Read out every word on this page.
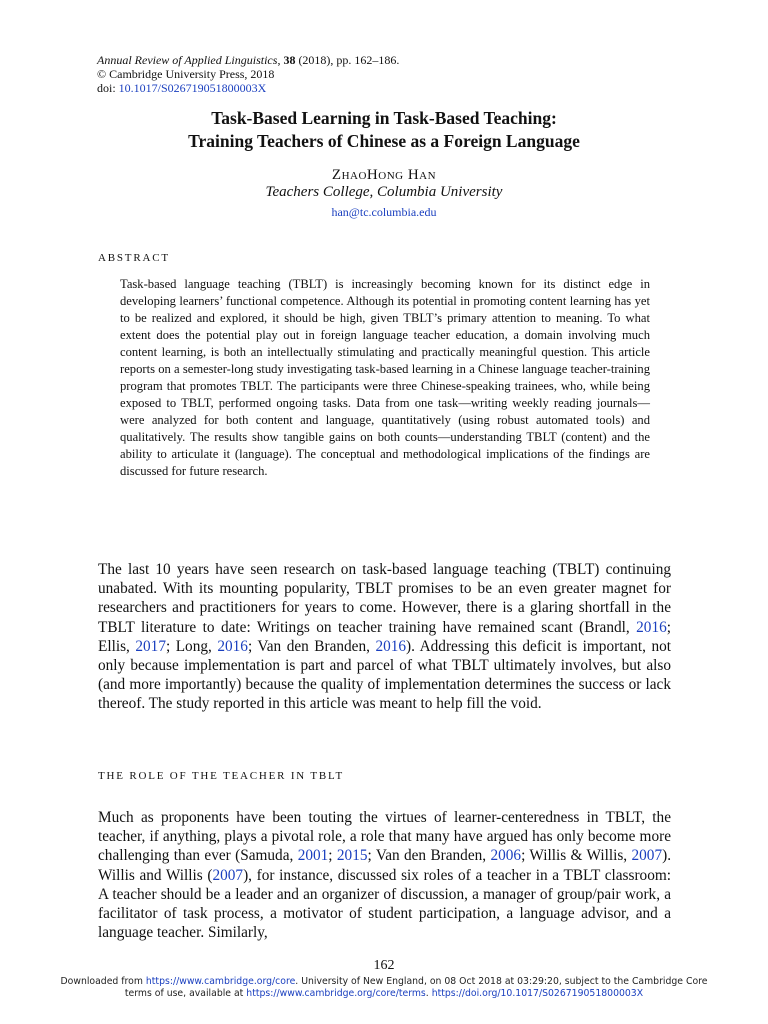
Annual Review of Applied Linguistics, 38 (2018), pp. 162–186.
© Cambridge University Press, 2018
doi: 10.1017/S026719051800003X
Task-Based Learning in Task-Based Teaching:
Training Teachers of Chinese as a Foreign Language
ZhaoHong Han
Teachers College, Columbia University
han@tc.columbia.edu
ABSTRACT

Task-based language teaching (TBLT) is increasingly becoming known for its distinct edge in developing learners’ functional competence. Although its potential in promoting content learning has yet to be realized and explored, it should be high, given TBLT’s primary attention to meaning. To what extent does the potential play out in foreign language teacher education, a domain involving much content learning, is both an intellectually stimulating and practically meaningful question. This article reports on a semester-long study investigating task-based learning in a Chinese language teacher-training program that promotes TBLT. The participants were three Chinese-speaking trainees, who, while being exposed to TBLT, performed ongoing tasks. Data from one task—writing weekly reading journals—were analyzed for both content and language, quantitatively (using robust automated tools) and qualitatively. The results show tangible gains on both counts—understanding TBLT (content) and the ability to articulate it (language). The conceptual and methodological implications of the findings are discussed for future research.

The last 10 years have seen research on task-based language teaching (TBLT) continuing unabated. With its mounting popularity, TBLT promises to be an even greater magnet for researchers and practitioners for years to come. However, there is a glaring shortfall in the TBLT literature to date: Writings on teacher training have remained scant (Brandl, 2016; Ellis, 2017; Long, 2016; Van den Branden, 2016). Addressing this deficit is important, not only because implementation is part and parcel of what TBLT ultimately involves, but also (and more importantly) because the quality of implementation determines the success or lack thereof. The study reported in this article was meant to help fill the void.

THE ROLE OF THE TEACHER IN TBLT

Much as proponents have been touting the virtues of learner-centeredness in TBLT, the teacher, if anything, plays a pivotal role, a role that many have argued has only become more challenging than ever (Samuda, 2001; 2015; Van den Branden, 2006; Willis & Willis, 2007). Willis and Willis (2007), for instance, discussed six roles of a teacher in a TBLT classroom: A teacher should be a leader and an organizer of discussion, a manager of group/pair work, a facilitator of task process, a motivator of student participation, a language advisor, and a language teacher. Similarly,

162
Downloaded from https://www.cambridge.org/core. University of New England, on 08 Oct 2018 at 03:29:20, subject to the Cambridge Core
terms of use, available at https://www.cambridge.org/core/terms. https://doi.org/10.1017/S026719051800003X
